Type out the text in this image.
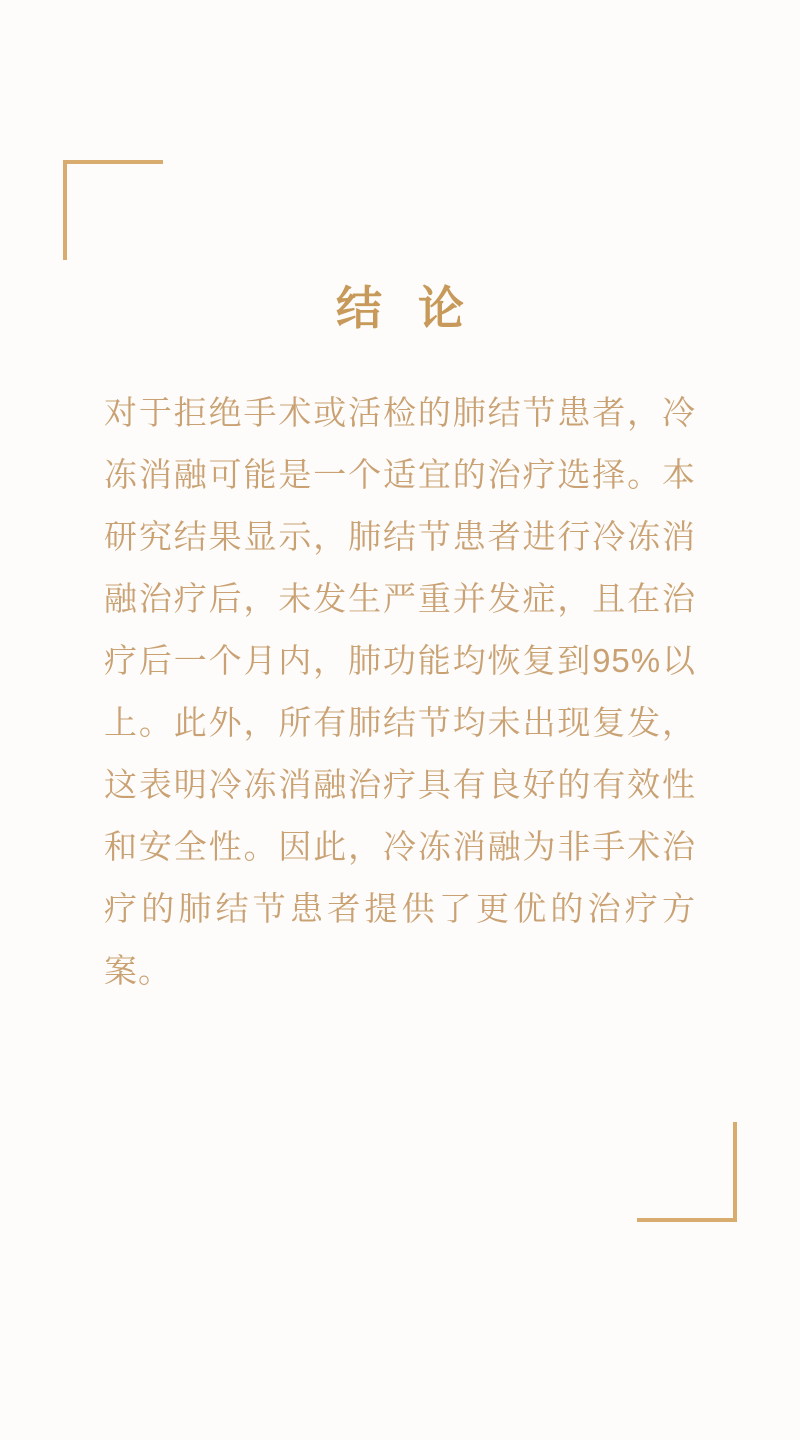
结 论

对于拒绝手术或活检的肺结节患者，冷冻消融可能是一个适宜的治疗选择。本研究结果显示，肺结节患者进行冷冻消融治疗后，未发生严重并发症，且在治疗后一个月内，肺功能均恢复到95%以上。此外，所有肺结节均未出现复发，这表明冷冻消融治疗具有良好的有效性和安全性。因此，冷冻消融为非手术治疗的肺结节患者提供了更优的治疗方案。
